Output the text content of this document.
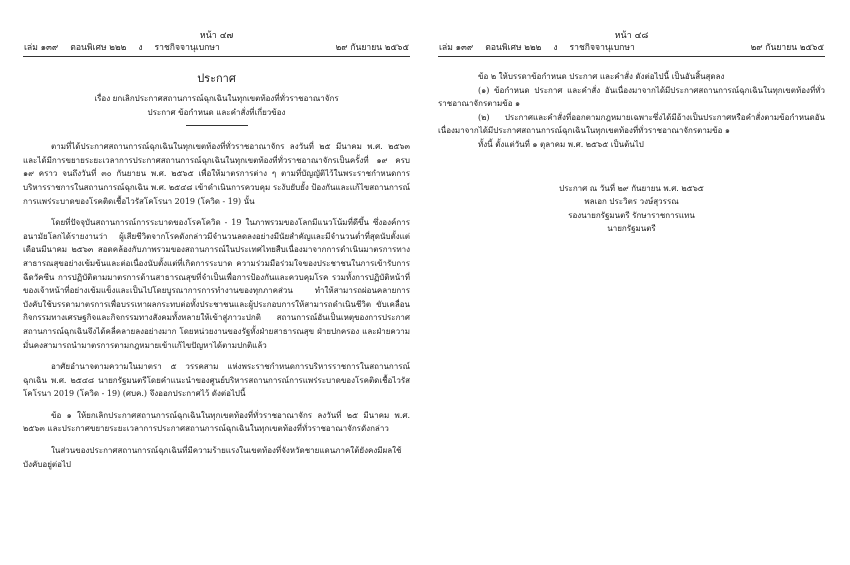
หน้า ๔๗
เล่ม ๑๓๙ ตอนพิเศษ ๒๒๒ ง ราชกิจจานุเบกษา	๒๙ กันยายน ๒๕๖๕
ประกาศ
เรื่อง ยกเลิกประกาศสถานการณ์ฉุกเฉินในทุกเขตท้องที่ทั่วราชอาณาจักร
ประกาศ ข้อกำหนด และคำสั่งที่เกี่ยวข้อง

ตามที่ได้ประกาศสถานการณ์ฉุกเฉินในทุกเขตท้องที่ทั่วราชอาณาจักร ลงวันที่ ๒๕ มีนาคม พ.ศ. ๒๕๖๓ และได้มีการขยายระยะเวลาการประกาศสถานการณ์ฉุกเฉินในทุกเขตท้องที่ทั่วราชอาณาจักรเป็นครั้งที่ ๑๙ ครบ ๑๙ คราว จนถึงวันที่ ๓๐ กันยายน พ.ศ. ๒๕๖๕ เพื่อให้มาตรการต่าง ๆ ตามที่บัญญัติไว้ในพระราชกำหนดการบริหารราชการในสถานการณ์ฉุกเฉิน พ.ศ. ๒๕๔๘ เข้าดำเนินการควบคุม ระงับยับยั้ง ป้องกันและแก้ไขสถานการณ์การแพร่ระบาดของโรคติดเชื้อไวรัสโคโรนา 2019 (โควิด - 19) นั้น

โดยที่ปัจจุบันสถานการณ์การระบาดของโรคโควิด - 19 ในภาพรวมของโลกมีแนวโน้มที่ดีขึ้น ซึ่งองค์การอนามัยโลกได้รายงานว่า ผู้เสียชีวิตจากโรคดังกล่าวมีจำนวนลดลงอย่างมีนัยสำคัญและมีจำนวนต่ำที่สุดนับตั้งแต่เดือนมีนาคม ๒๕๖๓ สอดคล้องกับภาพรวมของสถานการณ์ในประเทศไทยสืบเนื่องมาจากการดำเนินมาตรการทางสาธารณสุขอย่างเข้มข้นและต่อเนื่องนับตั้งแต่ที่เกิดการระบาด ความร่วมมือร่วมใจของประชาชนในการเข้ารับการฉีดวัคซีน การปฏิบัติตามมาตรการด้านสาธารณสุขที่จำเป็นเพื่อการป้องกันและควบคุมโรค รวมทั้งการปฏิบัติหน้าที่ของเจ้าหน้าที่อย่างเข้มแข็งและเป็นไปโดยบูรณาการการทำงานของทุกภาคส่วน ทำให้สามารถผ่อนคลายการบังคับใช้บรรดามาตรการเพื่อบรรเทาผลกระทบต่อทั้งประชาชนและผู้ประกอบการให้สามารถดำเนินชีวิต ขับเคลื่อนกิจกรรมทางเศรษฐกิจและกิจกรรมทางสังคมทั้งหลายให้เข้าสู่ภาวะปกติ สถานการณ์อันเป็นเหตุของการประกาศสถานการณ์ฉุกเฉินจึงได้คลี่คลายลงอย่างมาก โดยหน่วยงานของรัฐทั้งฝ่ายสาธารณสุข ฝ่ายปกครอง และฝ่ายความมั่นคงสามารถนำมาตรการตามกฎหมายเข้าแก้ไขปัญหาได้ตามปกติแล้ว

อาศัยอำนาจตามความในมาตรา ๕ วรรคสาม แห่งพระราชกำหนดการบริหารราชการในสถานการณ์ฉุกเฉิน พ.ศ. ๒๕๔๘ นายกรัฐมนตรีโดยคำแนะนำของศูนย์บริหารสถานการณ์การแพร่ระบาดของโรคติดเชื้อไวรัสโคโรนา 2019 (โควิด - 19) (ศบค.) จึงออกประกาศไว้ ดังต่อไปนี้

ข้อ ๑ ให้ยกเลิกประกาศสถานการณ์ฉุกเฉินในทุกเขตท้องที่ทั่วราชอาณาจักร ลงวันที่ ๒๕ มีนาคม พ.ศ. ๒๕๖๓ และประกาศขยายระยะเวลาการประกาศสถานการณ์ฉุกเฉินในทุกเขตท้องที่ทั่วราชอาณาจักรดังกล่าว

ในส่วนของประกาศสถานการณ์ฉุกเฉินที่มีความร้ายแรงในเขตท้องที่จังหวัดชายแดนภาคใต้ยังคงมีผลใช้บังคับอยู่ต่อไป

หน้า ๔๘
เล่ม ๑๓๙ ตอนพิเศษ ๒๒๒ ง ราชกิจจานุเบกษา	๒๙ กันยายน ๒๕๖๕

ข้อ ๒ ให้บรรดาข้อกำหนด ประกาศ และคำสั่ง ดังต่อไปนี้ เป็นอันสิ้นสุดลง

(๑) ข้อกำหนด ประกาศ และคำสั่ง อันเนื่องมาจากได้มีประกาศสถานการณ์ฉุกเฉินในทุกเขตท้องที่ทั่วราชอาณาจักรตามข้อ ๑

(๒) ประกาศและคำสั่งที่ออกตามกฎหมายเฉพาะซึ่งได้มีอ้างเป็นประกาศหรือคำสั่งตามข้อกำหนดอันเนื่องมาจากได้มีประกาศสถานการณ์ฉุกเฉินในทุกเขตท้องที่ทั่วราชอาณาจักรตามข้อ ๑

ทั้งนี้ ตั้งแต่วันที่ ๑ ตุลาคม พ.ศ. ๒๕๖๕ เป็นต้นไป

ประกาศ ณ วันที่ ๒๙ กันยายน พ.ศ. ๒๕๖๕
พลเอก ประวิตร วงษ์สุวรรณ
รองนายกรัฐมนตรี รักษาราชการแทน
นายกรัฐมนตรี
